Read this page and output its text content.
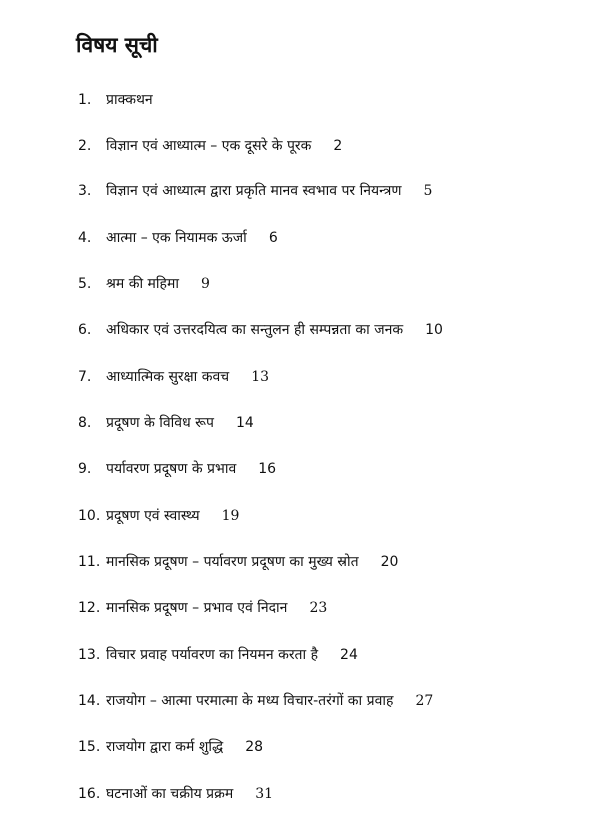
विषय सूची
1. प्राक्कथन
2. विज्ञान एवं आध्यात्म – एक दूसरे के पूरक 2
3. विज्ञान एवं आध्यात्म द्वारा प्रकृति मानव स्वभाव पर नियन्त्रण 5
4. आत्मा – एक नियामक ऊर्जा 6
5. श्रम की महिमा 9
6. अधिकार एवं उत्तरदयित्व का सन्तुलन ही सम्पन्नता का जनक 10
7. आध्यात्मिक सुरक्षा कवच 13
8. प्रदूषण के विविध रूप 14
9. पर्यावरण प्रदूषण के प्रभाव 16
10. प्रदूषण एवं स्वास्थ्य 19
11. मानसिक प्रदूषण – पर्यावरण प्रदूषण का मुख्य स्रोत 20
12. मानसिक प्रदूषण – प्रभाव एवं निदान 23
13. विचार प्रवाह पर्यावरण का नियमन करता है 24
14. राजयोग – आत्मा परमात्मा के मध्य विचार-तरंगों का प्रवाह 27
15. राजयोग द्वारा कर्म शुद्धि 28
16. घटनाओं का चक्रीय प्रक्रम 31
